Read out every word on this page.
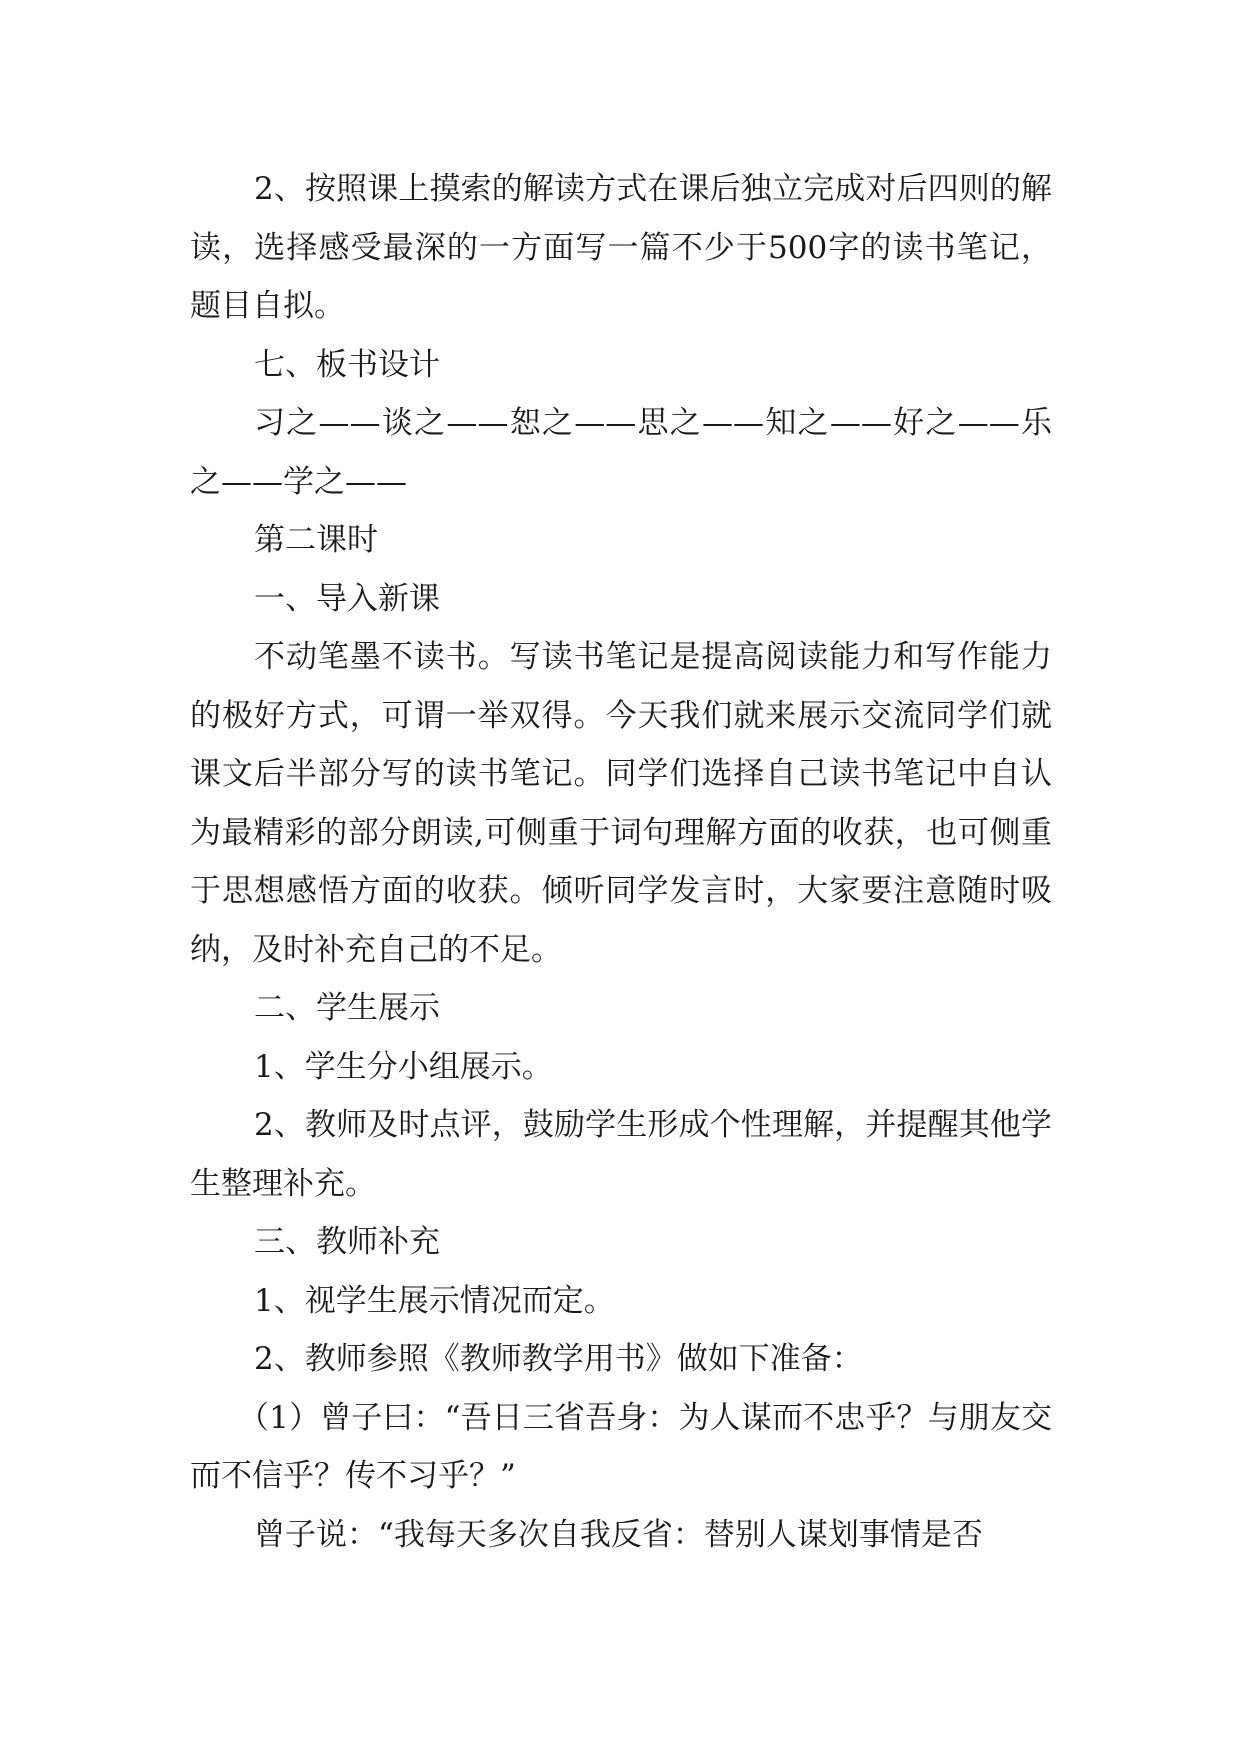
2、按照课上摸索的解读方式在课后独立完成对后四则的解读，选择感受最深的一方面写一篇不少于500字的读书笔记，题目自拟。

七、板书设计

习之——谈之——恕之——思之——知之——好之——乐之——学之——

第二课时

一、导入新课

不动笔墨不读书。写读书笔记是提高阅读能力和写作能力的极好方式，可谓一举双得。今天我们就来展示交流同学们就课文后半部分写的读书笔记。同学们选择自己读书笔记中自认为最精彩的部分朗读,可侧重于词句理解方面的收获，也可侧重于思想感悟方面的收获。倾听同学发言时，大家要注意随时吸纳，及时补充自己的不足。

二、学生展示

1、学生分小组展示。

2、教师及时点评，鼓励学生形成个性理解，并提醒其他学生整理补充。

三、教师补充

1、视学生展示情况而定。

2、教师参照《教师教学用书》做如下准备：

（1）曾子曰：“吾日三省吾身：为人谋而不忠乎？与朋友交而不信乎？传不习乎？”

曾子说：“我每天多次自我反省：替别人谋划事情是否
